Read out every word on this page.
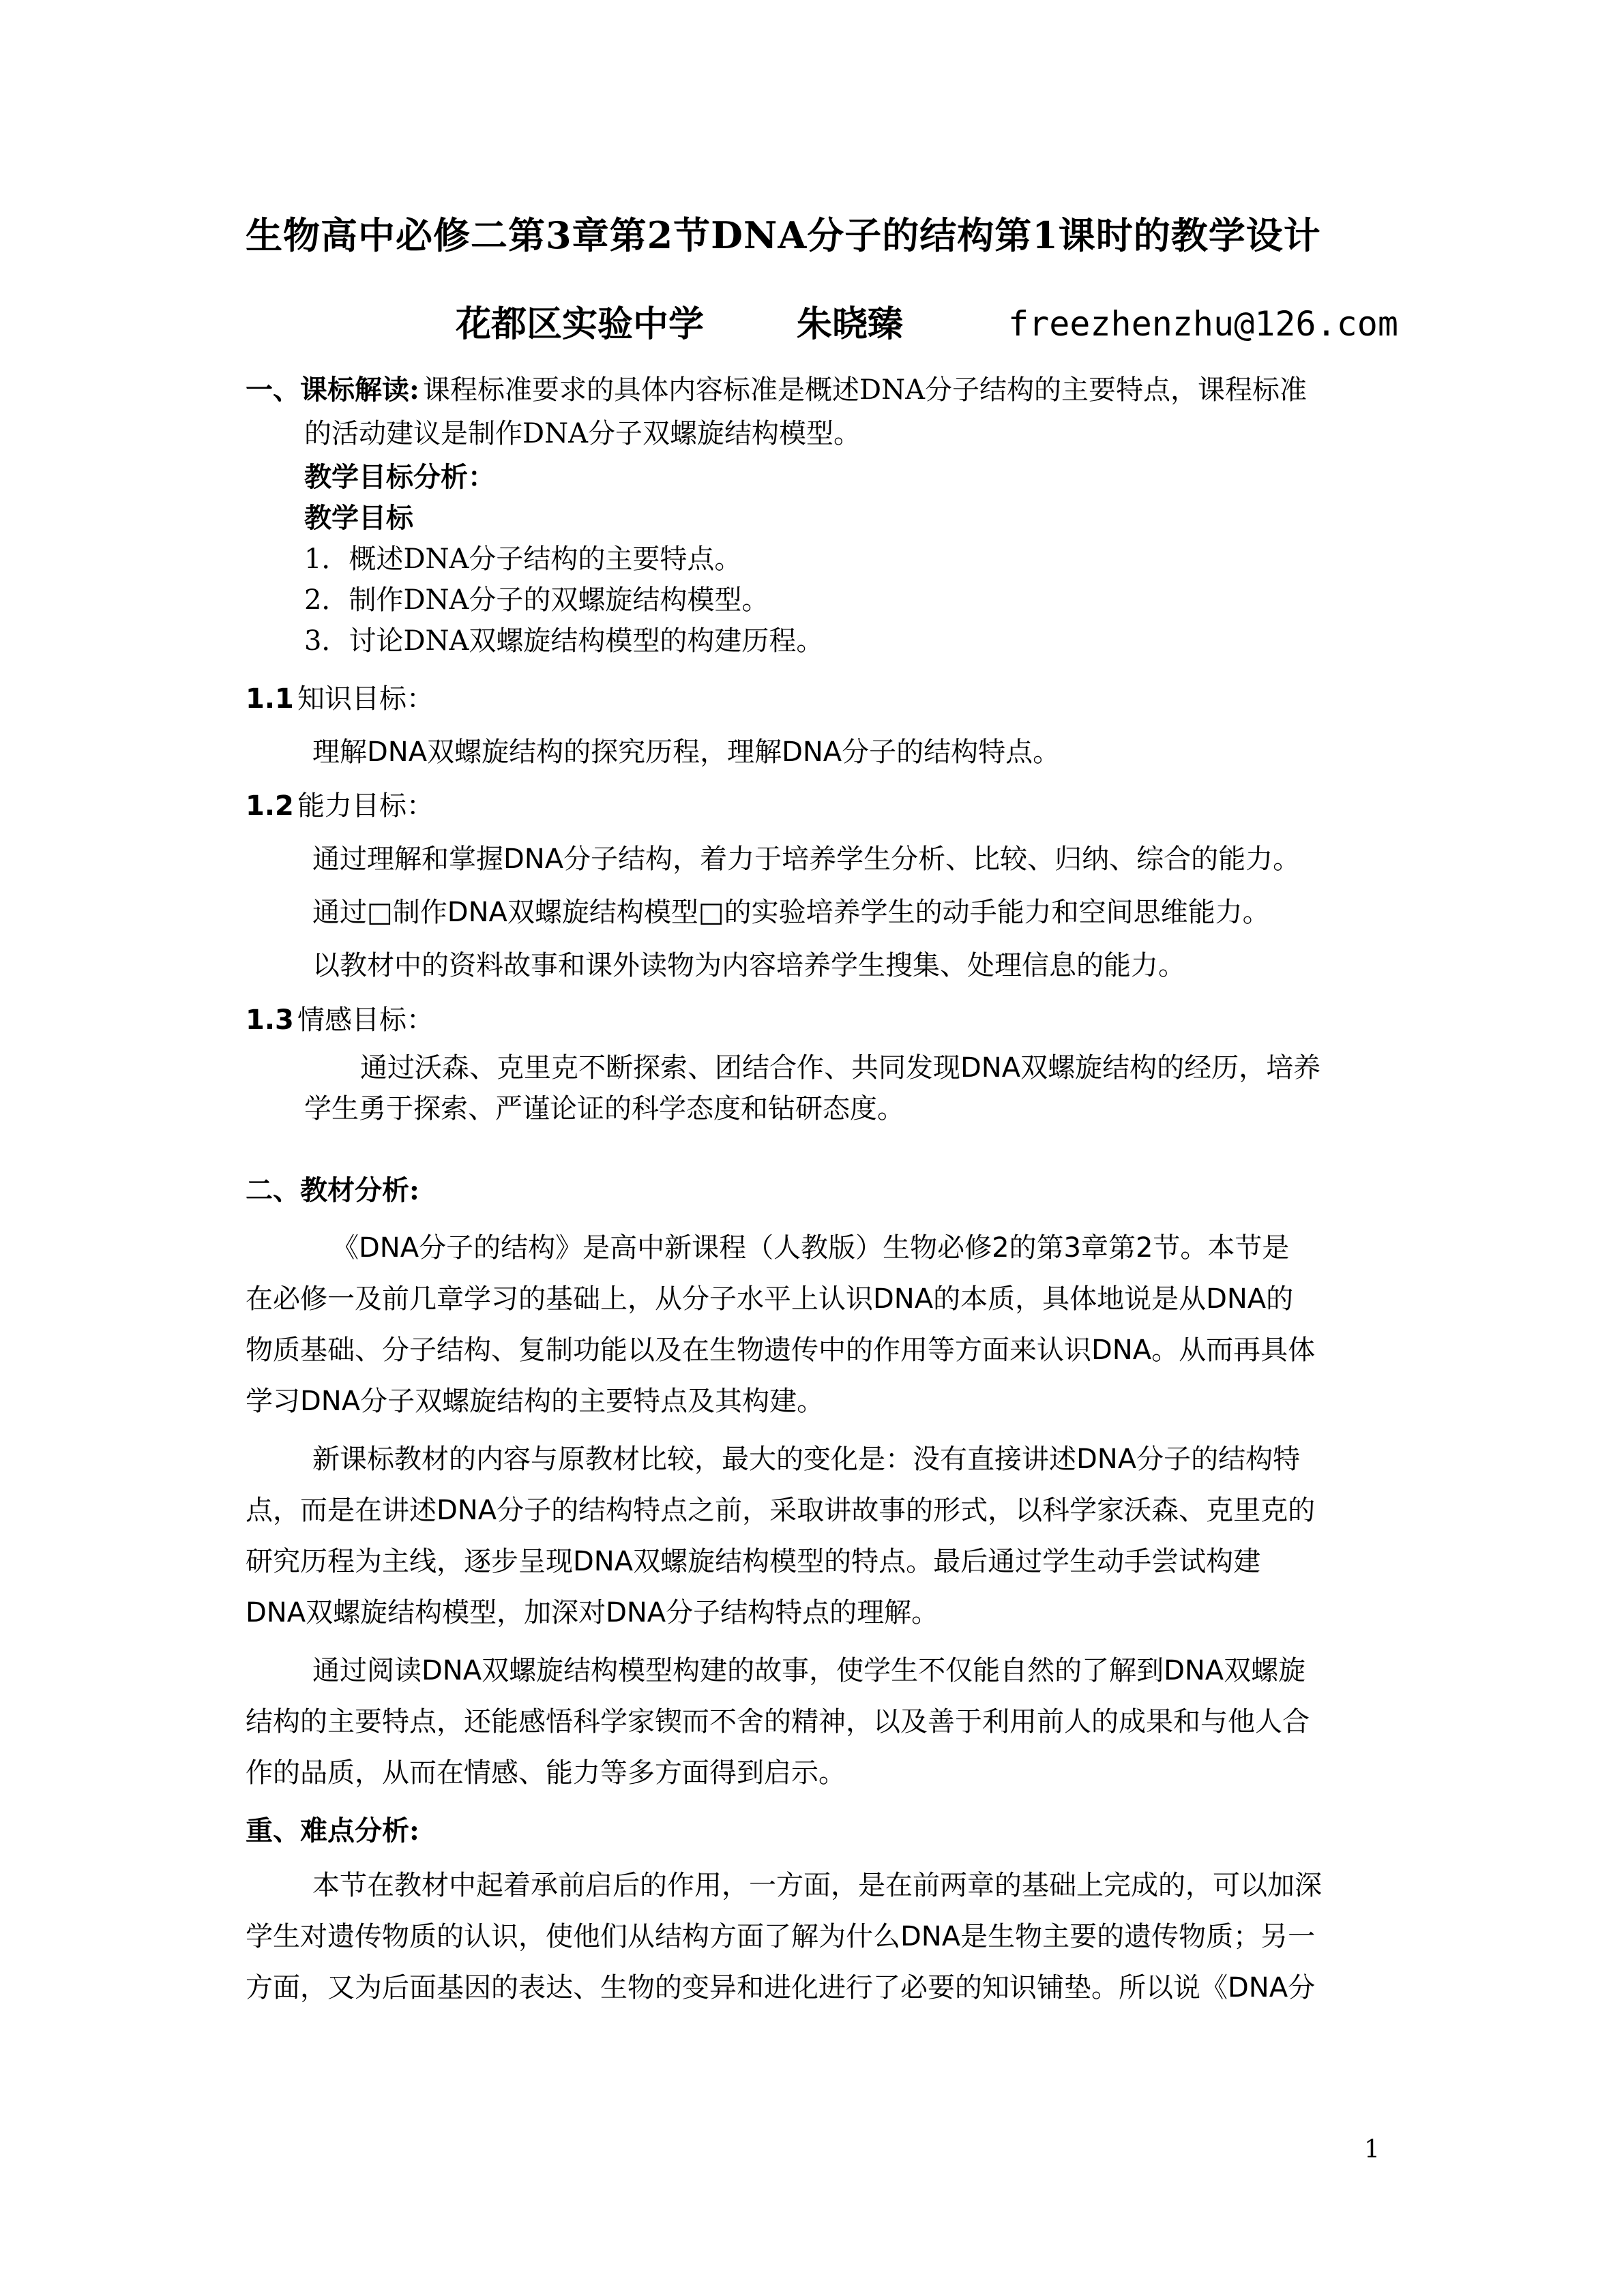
生物高中必修二第3章第2节DNA分子的结构第1课时的教学设计
花都区实验中学	朱晓臻	freezhenzhu@126.com
一、课标解读: 课程标准要求的具体内容标准是概述DNA分子结构的主要特点，课程标准
的活动建议是制作DNA分子双螺旋结构模型。
教学目标分析：
教学目标
1．概述DNA分子结构的主要特点。
2．制作DNA分子的双螺旋结构模型。
3．讨论DNA双螺旋结构模型的构建历程。
1.1 知识目标：
理解DNA双螺旋结构的探究历程，理解DNA分子的结构特点。
1.2 能力目标：
通过理解和掌握DNA分子结构，着力于培养学生分析、比较、归纳、综合的能力。
通过□制作DNA双螺旋结构模型□的实验培养学生的动手能力和空间思维能力。
以教材中的资料故事和课外读物为内容培养学生搜集、处理信息的能力。
1.3 情感目标：
通过沃森、克里克不断探索、团结合作、共同发现DNA双螺旋结构的经历，培养
学生勇于探索、严谨论证的科学态度和钻研态度。
二、教材分析:
《DNA分子的结构》是高中新课程（人教版）生物必修2的第3章第2节。本节是
在必修一及前几章学习的基础上，从分子水平上认识DNA的本质，具体地说是从DNA的
物质基础、分子结构、复制功能以及在生物遗传中的作用等方面来认识DNA。从而再具体
学习DNA分子双螺旋结构的主要特点及其构建。
新课标教材的内容与原教材比较，最大的变化是：没有直接讲述DNA分子的结构特
点，而是在讲述DNA分子的结构特点之前，采取讲故事的形式，以科学家沃森、克里克的
研究历程为主线，逐步呈现DNA双螺旋结构模型的特点。最后通过学生动手尝试构建
DNA双螺旋结构模型，加深对DNA分子结构特点的理解。
通过阅读DNA双螺旋结构模型构建的故事，使学生不仅能自然的了解到DNA双螺旋
结构的主要特点，还能感悟科学家锲而不舍的精神，以及善于利用前人的成果和与他人合
作的品质，从而在情感、能力等多方面得到启示。
重、难点分析:
本节在教材中起着承前启后的作用，一方面，是在前两章的基础上完成的，可以加深
学生对遗传物质的认识，使他们从结构方面了解为什么DNA是生物主要的遗传物质；另一
方面，又为后面基因的表达、生物的变异和进化进行了必要的知识铺垫。所以说《DNA分
1
